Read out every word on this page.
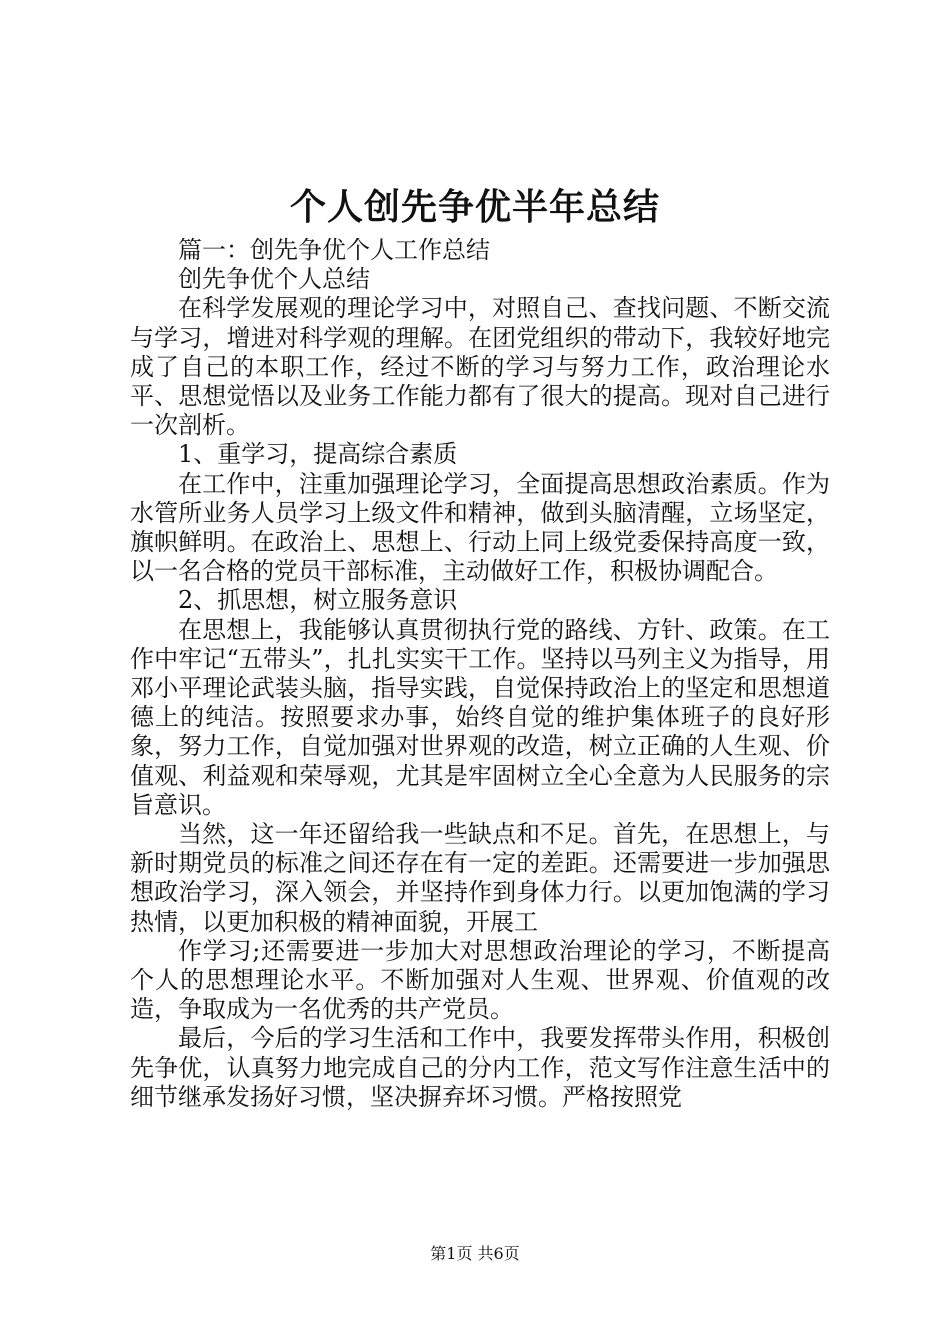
个人创先争优半年总结

篇一：创先争优个人工作总结

创先争优个人总结

在科学发展观的理论学习中，对照自己、查找问题、不断交流与学习，增进对科学观的理解。在团党组织的带动下，我较好地完成了自己的本职工作，经过不断的学习与努力工作，政治理论水平、思想觉悟以及业务工作能力都有了很大的提高。现对自己进行一次剖析。

1、重学习，提高综合素质

在工作中，注重加强理论学习，全面提高思想政治素质。作为水管所业务人员学习上级文件和精神，做到头脑清醒，立场坚定，旗帜鲜明。在政治上、思想上、行动上同上级党委保持高度一致，以一名合格的党员干部标准，主动做好工作，积极协调配合。

2、抓思想，树立服务意识

在思想上，我能够认真贯彻执行党的路线、方针、政策。在工作中牢记“五带头”，扎扎实实干工作。坚持以马列主义为指导，用邓小平理论武装头脑，指导实践，自觉保持政治上的坚定和思想道德上的纯洁。按照要求办事，始终自觉的维护集体班子的良好形象，努力工作，自觉加强对世界观的改造，树立正确的人生观、价值观、利益观和荣辱观，尤其是牢固树立全心全意为人民服务的宗旨意识。

当然，这一年还留给我一些缺点和不足。首先，在思想上，与新时期党员的标准之间还存在有一定的差距。还需要进一步加强思想政治学习，深入领会，并坚持作到身体力行。以更加饱满的学习热情，以更加积极的精神面貌，开展工

作学习;还需要进一步加大对思想政治理论的学习，不断提高个人的思想理论水平。不断加强对人生观、世界观、价值观的改造，争取成为一名优秀的共产党员。

最后，今后的学习生活和工作中，我要发挥带头作用，积极创先争优，认真努力地完成自己的分内工作，范文写作注意生活中的细节继承发扬好习惯，坚决摒弃坏习惯。严格按照党

第1页 共6页
